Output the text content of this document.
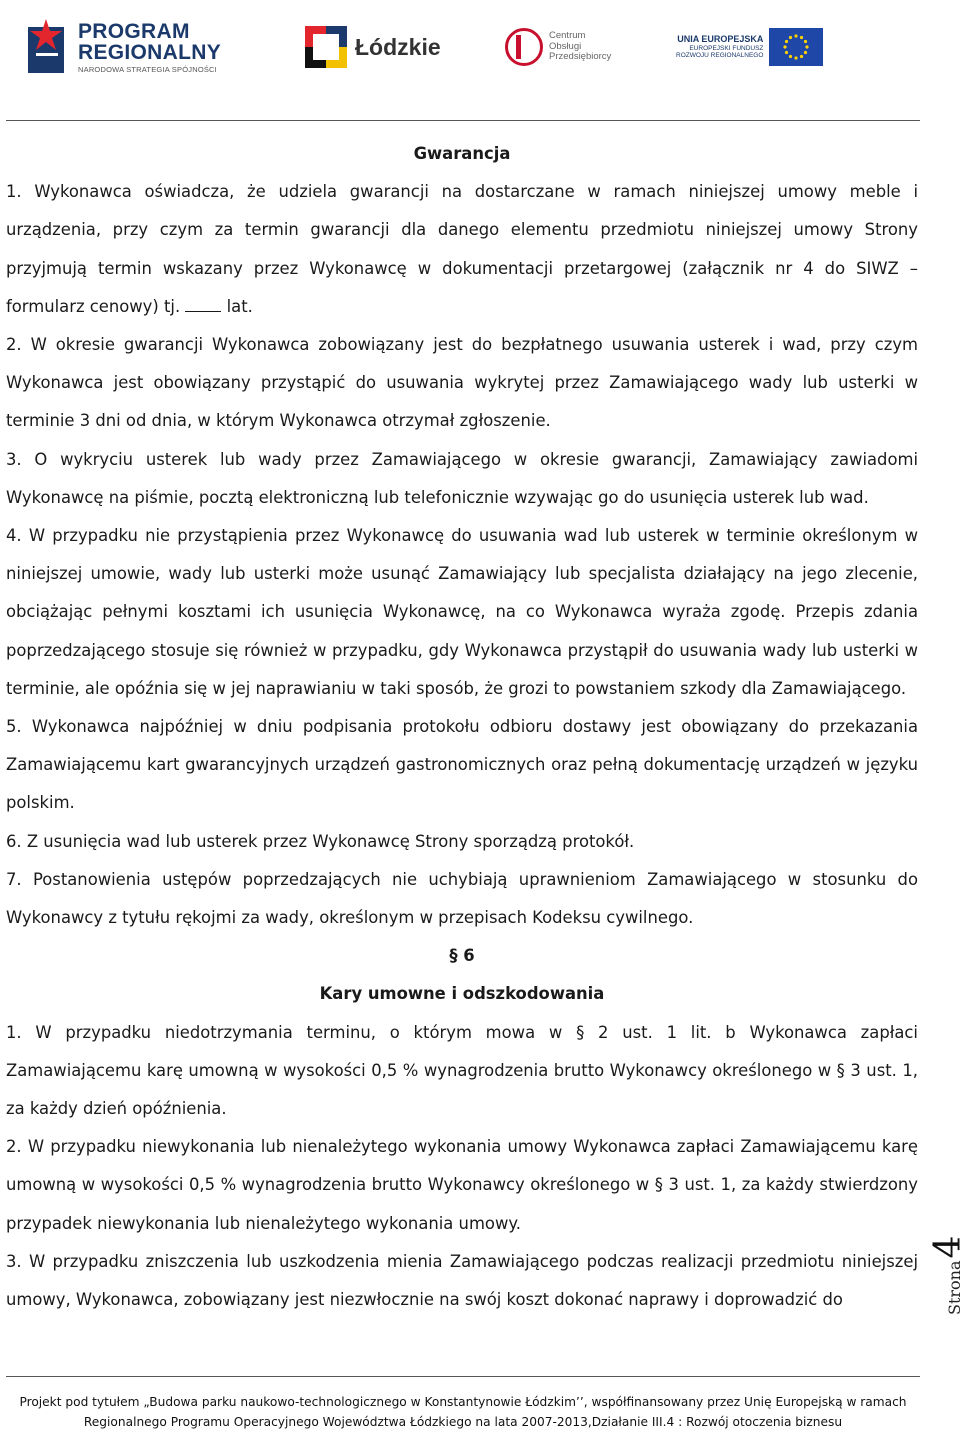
PROGRAM
REGIONALNY
NARODOWA STRATEGIA SPÓJNOŚCI
Łódzkie	Centrum
Obsługi
Przedsiębiorcy
UNIA EUROPEJSKA
EUROPEJSKI FUNDUSZ
ROZWOJU REGIONALNEGO

Gwarancja

1. Wykonawca oświadcza, że udziela gwarancji na dostarczane w ramach niniejszej umowy meble i urządzenia, przy czym za termin gwarancji dla danego elementu przedmiotu niniejszej umowy Strony przyjmują termin wskazany przez Wykonawcę w dokumentacji przetargowej (załącznik nr 4 do SIWZ – formularz cenowy) tj.	lat.

2. W okresie gwarancji Wykonawca zobowiązany jest do bezpłatnego usuwania usterek i wad, przy czym Wykonawca jest obowiązany przystąpić do usuwania wykrytej przez Zamawiającego wady lub usterki w terminie 3 dni od dnia, w którym Wykonawca otrzymał zgłoszenie.

3. O wykryciu usterek lub wady przez Zamawiającego w okresie gwarancji, Zamawiający zawiadomi Wykonawcę na piśmie, pocztą elektroniczną lub telefonicznie wzywając go do usunięcia usterek lub wad.

4. W przypadku nie przystąpienia przez Wykonawcę do usuwania wad lub usterek w terminie określonym w niniejszej umowie, wady lub usterki może usunąć Zamawiający lub specjalista działający na jego zlecenie, obciążając pełnymi kosztami ich usunięcia Wykonawcę, na co Wykonawca wyraża zgodę. Przepis zdania poprzedzającego stosuje się również w przypadku, gdy Wykonawca przystąpił do usuwania wady lub usterki w terminie, ale opóźnia się w jej naprawianiu w taki sposób, że grozi to powstaniem szkody dla Zamawiającego.

5. Wykonawca najpóźniej w dniu podpisania protokołu odbioru dostawy jest obowiązany do przekazania Zamawiającemu kart gwarancyjnych urządzeń gastronomicznych oraz pełną dokumentację urządzeń w języku polskim.

6. Z usunięcia wad lub usterek przez Wykonawcę Strony sporządzą protokół.

7. Postanowienia ustępów poprzedzających nie uchybiają uprawnieniom Zamawiającego w stosunku do Wykonawcy z tytułu rękojmi za wady, określonym w przepisach Kodeksu cywilnego.

§ 6

Kary umowne i odszkodowania

1. W przypadku niedotrzymania terminu, o którym mowa w § 2 ust. 1 lit. b Wykonawca zapłaci Zamawiającemu karę umowną w wysokości 0,5 % wynagrodzenia brutto Wykonawcy określonego w § 3 ust. 1, za każdy dzień opóźnienia.

2. W przypadku niewykonania lub nienależytego wykonania umowy Wykonawca zapłaci Zamawiającemu karę umowną w wysokości 0,5 % wynagrodzenia brutto Wykonawcy określonego w § 3 ust. 1, za każdy stwierdzony przypadek niewykonania lub nienależytego wykonania umowy.

3. W przypadku zniszczenia lub uszkodzenia mienia Zamawiającego podczas realizacji przedmiotu niniejszej umowy, Wykonawca, zobowiązany jest niezwłocznie na swój koszt dokonać naprawy i doprowadzić do	Strona
4
Projekt pod tytułem „Budowa parku naukowo-technologicznego w Konstantynowie Łódzkim’’, współfinansowany przez Unię Europejską w ramach
Regionalnego Programu Operacyjnego Województwa Łódzkiego na lata 2007-2013,Działanie III.4 : Rozwój otoczenia biznesu
